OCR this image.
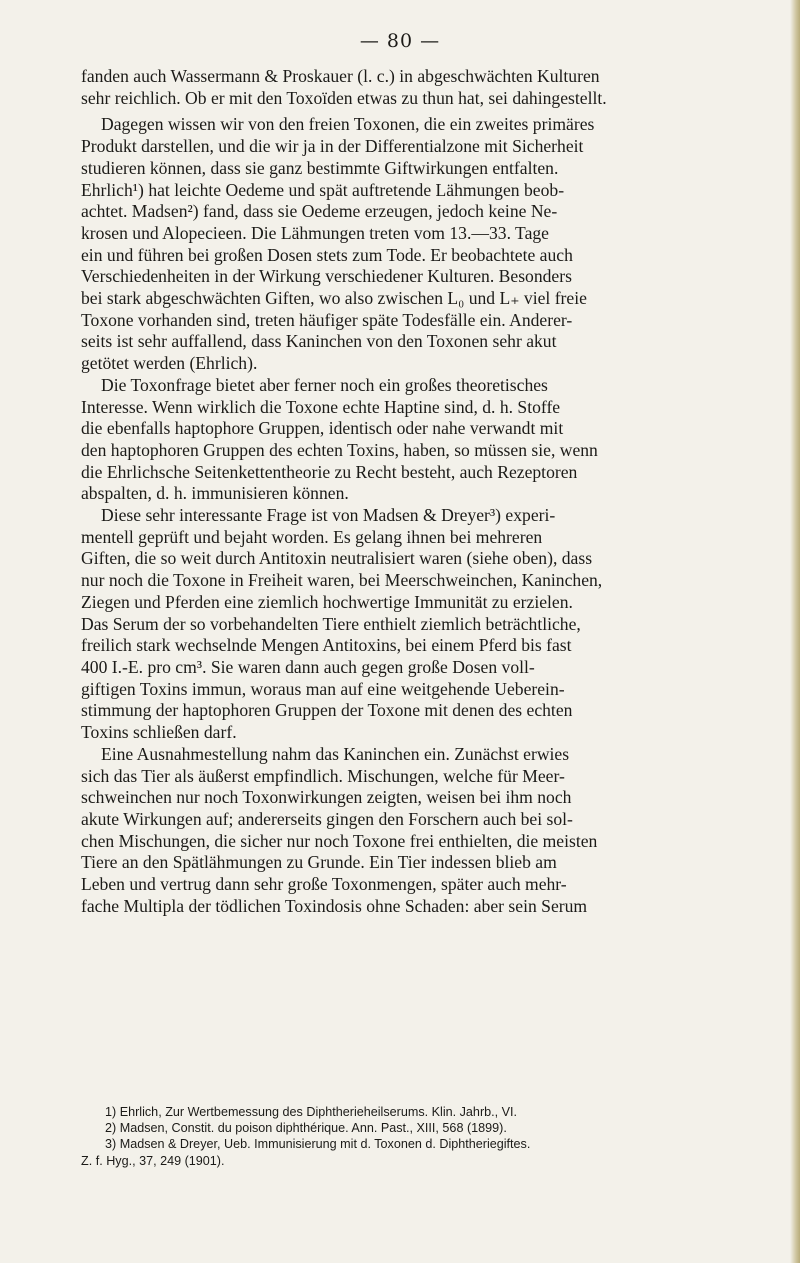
— 80 —
fanden auch Wassermann & Proskauer (l. c.) in abgeschwächten Kulturen
sehr reichlich. Ob er mit den Toxoïden etwas zu thun hat, sei dahingestellt.
Dagegen wissen wir von den freien Toxonen, die ein zweites primäres
Produkt darstellen, und die wir ja in der Differentialzone mit Sicherheit
studieren können, dass sie ganz bestimmte Giftwirkungen entfalten.
Ehrlich¹) hat leichte Oedeme und spät auftretende Lähmungen beob-
achtet. Madsen²) fand, dass sie Oedeme erzeugen, jedoch keine Ne-
krosen und Alopecieen. Die Lähmungen treten vom 13.—33. Tage
ein und führen bei großen Dosen stets zum Tode. Er beobachtete auch
Verschiedenheiten in der Wirkung verschiedener Kulturen. Besonders
bei stark abgeschwächten Giften, wo also zwischen L₀ und L₊ viel freie
Toxone vorhanden sind, treten häufiger späte Todesfälle ein. Anderer-
seits ist sehr auffallend, dass Kaninchen von den Toxonen sehr akut
getötet werden (Ehrlich).
Die Toxonfrage bietet aber ferner noch ein großes theoretisches
Interesse. Wenn wirklich die Toxone echte Haptine sind, d. h. Stoffe
die ebenfalls haptophore Gruppen, identisch oder nahe verwandt mit
den haptophoren Gruppen des echten Toxins, haben, so müssen sie, wenn
die Ehrlichsche Seitenkettentheorie zu Recht besteht, auch Rezeptoren
abspalten, d. h. immunisieren können.
Diese sehr interessante Frage ist von Madsen & Dreyer³) experi-
mentell geprüft und bejaht worden. Es gelang ihnen bei mehreren
Giften, die so weit durch Antitoxin neutralisiert waren (siehe oben), dass
nur noch die Toxone in Freiheit waren, bei Meerschweinchen, Kaninchen,
Ziegen und Pferden eine ziemlich hochwertige Immunität zu erzielen.
Das Serum der so vorbehandelten Tiere enthielt ziemlich beträchtliche,
freilich stark wechselnde Mengen Antitoxins, bei einem Pferd bis fast
400 I.-E. pro cm³. Sie waren dann auch gegen große Dosen voll-
giftigen Toxins immun, woraus man auf eine weitgehende Ueberein-
stimmung der haptophoren Gruppen der Toxone mit denen des echten
Toxins schließen darf.
Eine Ausnahmestellung nahm das Kaninchen ein. Zunächst erwies
sich das Tier als äußerst empfindlich. Mischungen, welche für Meer-
schweinchen nur noch Toxonwirkungen zeigten, weisen bei ihm noch
akute Wirkungen auf; andererseits gingen den Forschern auch bei sol-
chen Mischungen, die sicher nur noch Toxone frei enthielten, die meisten
Tiere an den Spätlähmungen zu Grunde. Ein Tier indessen blieb am
Leben und vertrug dann sehr große Toxonmengen, später auch mehr-
fache Multipla der tödlichen Toxindosis ohne Schaden: aber sein Serum
1) Ehrlich, Zur Wertbemessung des Diphtherieheilserums. Klin. Jahrb., VI.
2) Madsen, Constit. du poison diphthérique. Ann. Past., XIII, 568 (1899).
3) Madsen & Dreyer, Ueb. Immunisierung mit d. Toxonen d. Diphtheriegiftes.
Z. f. Hyg., 37, 249 (1901).
